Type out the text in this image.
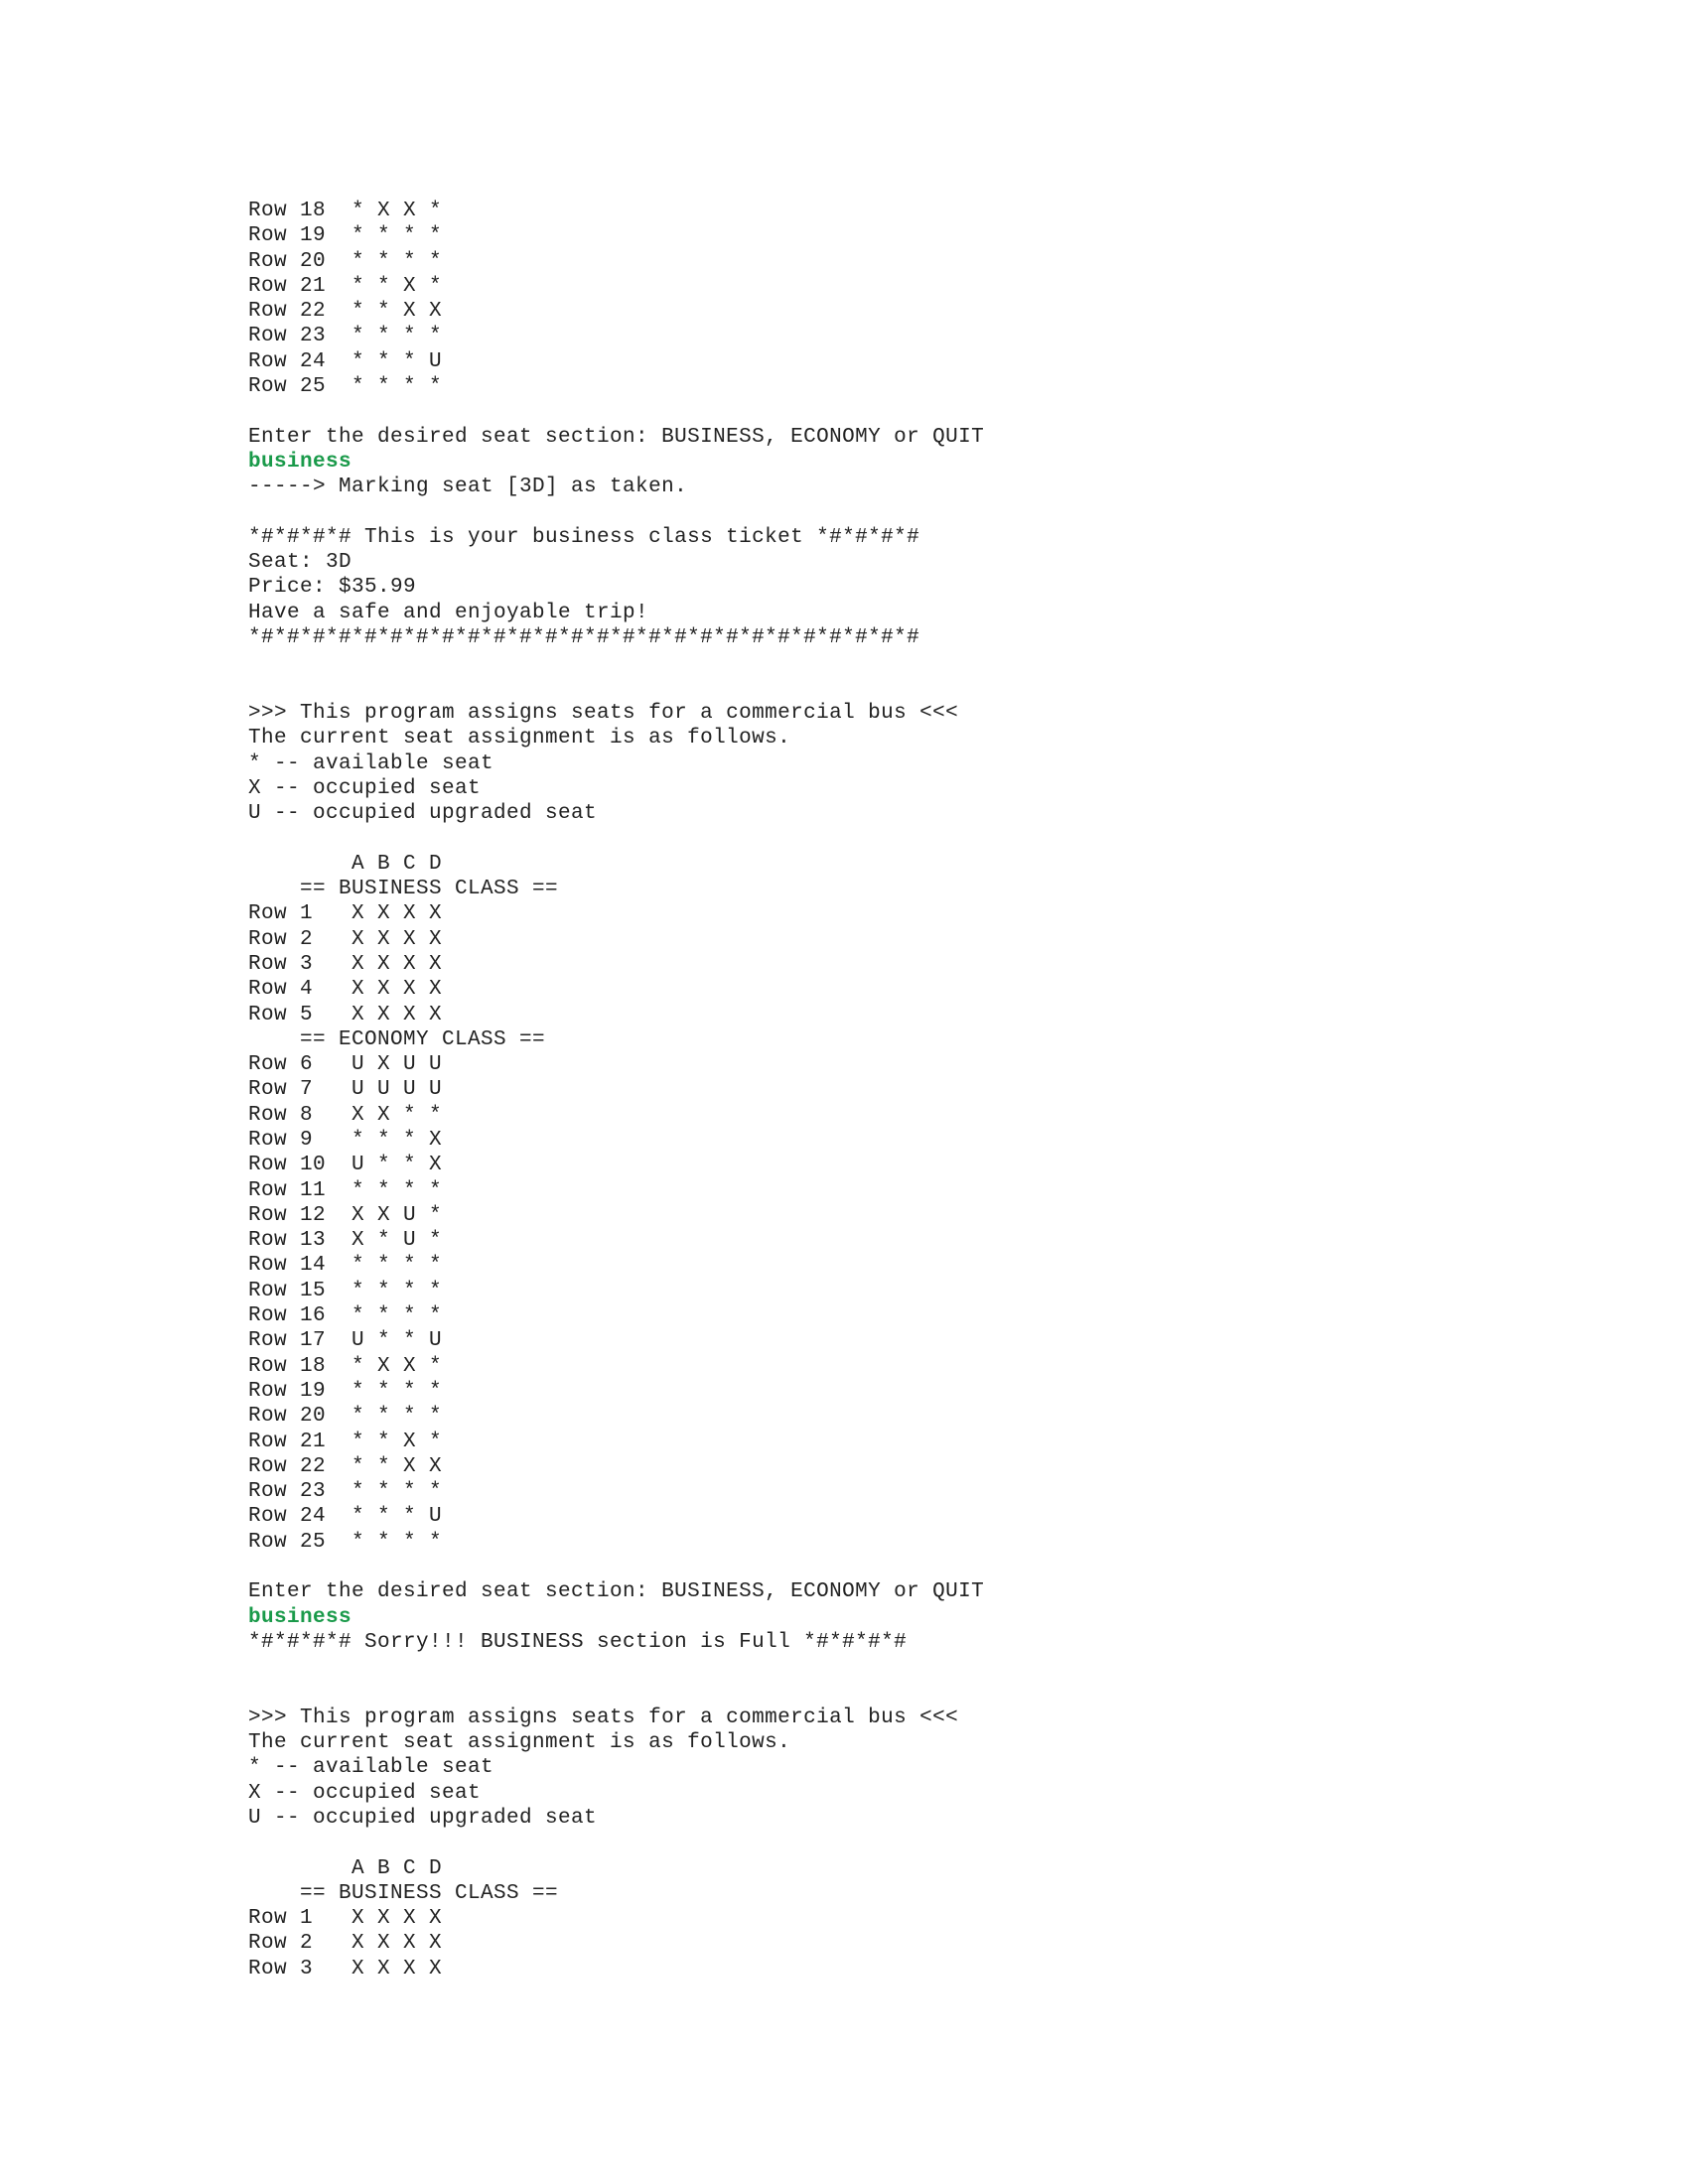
Row 18  * X X *
Row 19  * * * *
Row 20  * * * *
Row 21  * * X *
Row 22  * * X X
Row 23  * * * *
Row 24  * * * U
Row 25  * * * *
Enter the desired seat section: BUSINESS, ECONOMY or QUIT
business
-----> Marking seat [3D] as taken.
*#*#*#*# This is your business class ticket *#*#*#*#
Seat: 3D
Price: $35.99
Have a safe and enjoyable trip!
*#*#*#*#*#*#*#*#*#*#*#*#*#*#*#*#*#*#*#*#*#*#*#*#*#*#
>>> This program assigns seats for a commercial bus <<<
The current seat assignment is as follows.
* -- available seat
X -- occupied seat
U -- occupied upgraded seat
A B C D
== BUSINESS CLASS ==
Row 1   X X X X
Row 2   X X X X
Row 3   X X X X
Row 4   X X X X
Row 5   X X X X
== ECONOMY CLASS ==
Row 6   U X U U
Row 7   U U U U
Row 8   X X * *
Row 9   * * * X
Row 10  U * * X
Row 11  * * * *
Row 12  X X U *
Row 13  X * U *
Row 14  * * * *
Row 15  * * * *
Row 16  * * * *
Row 17  U * * U
Row 18  * X X *
Row 19  * * * *
Row 20  * * * *
Row 21  * * X *
Row 22  * * X X
Row 23  * * * *
Row 24  * * * U
Row 25  * * * *
Enter the desired seat section: BUSINESS, ECONOMY or QUIT
business
*#*#*#*# Sorry!!! BUSINESS section is Full *#*#*#*#
>>> This program assigns seats for a commercial bus <<<
The current seat assignment is as follows.
* -- available seat
X -- occupied seat
U -- occupied upgraded seat
A B C D
== BUSINESS CLASS ==
Row 1   X X X X
Row 2   X X X X
Row 3   X X X X
